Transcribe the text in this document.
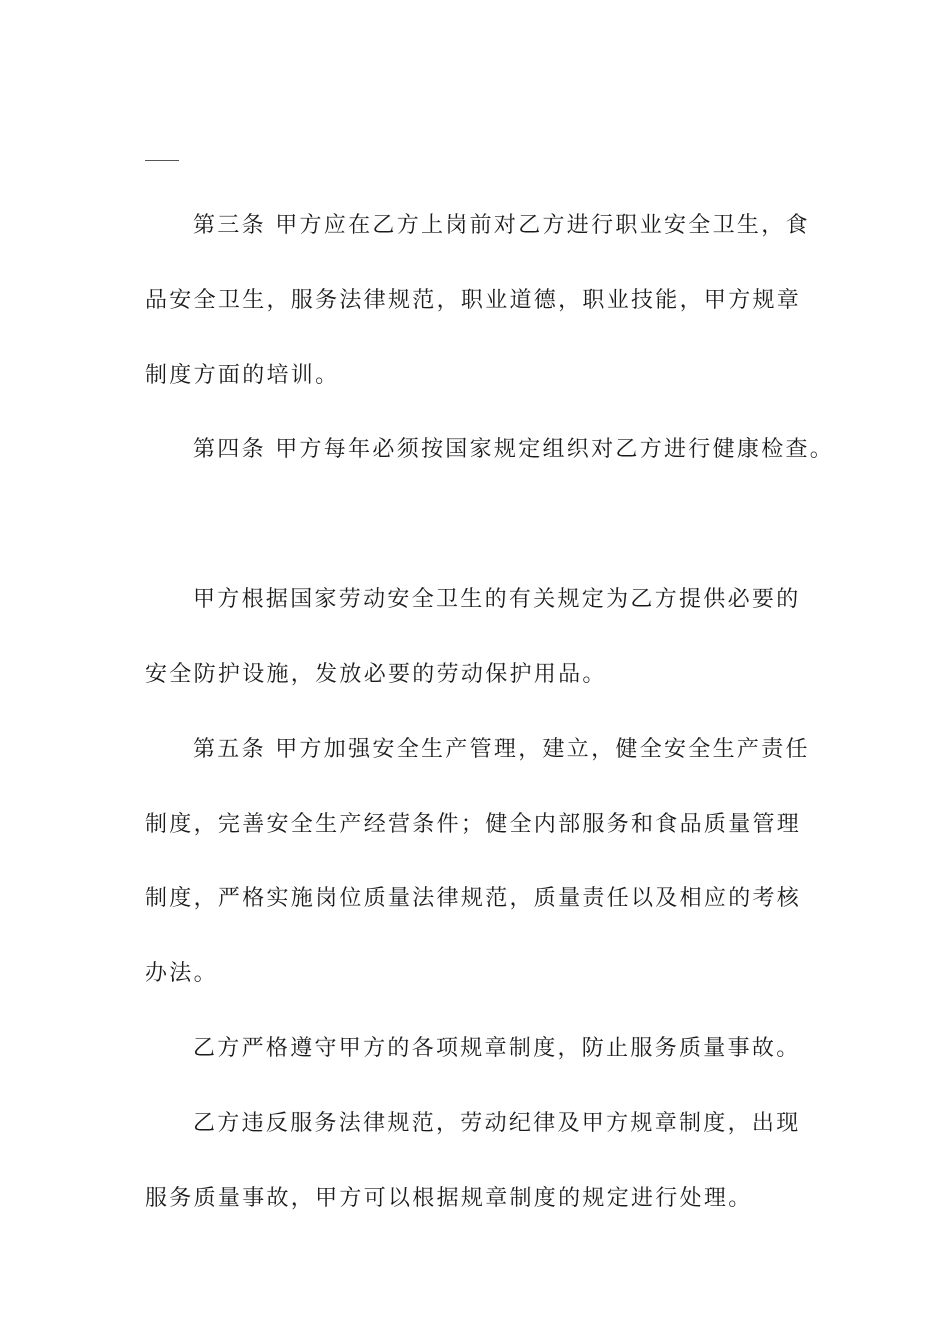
第三条 甲方应在乙方上岗前对乙方进行职业安全卫生，食

品安全卫生，服务法律规范，职业道德，职业技能，甲方规章

制度方面的培训。

第四条 甲方每年必须按国家规定组织对乙方进行健康检查。

甲方根据国家劳动安全卫生的有关规定为乙方提供必要的

安全防护设施，发放必要的劳动保护用品。

第五条 甲方加强安全生产管理，建立，健全安全生产责任

制度，完善安全生产经营条件；健全内部服务和食品质量管理

制度，严格实施岗位质量法律规范，质量责任以及相应的考核

办法。

乙方严格遵守甲方的各项规章制度，防止服务质量事故。

乙方违反服务法律规范，劳动纪律及甲方规章制度，出现

服务质量事故，甲方可以根据规章制度的规定进行处理。
